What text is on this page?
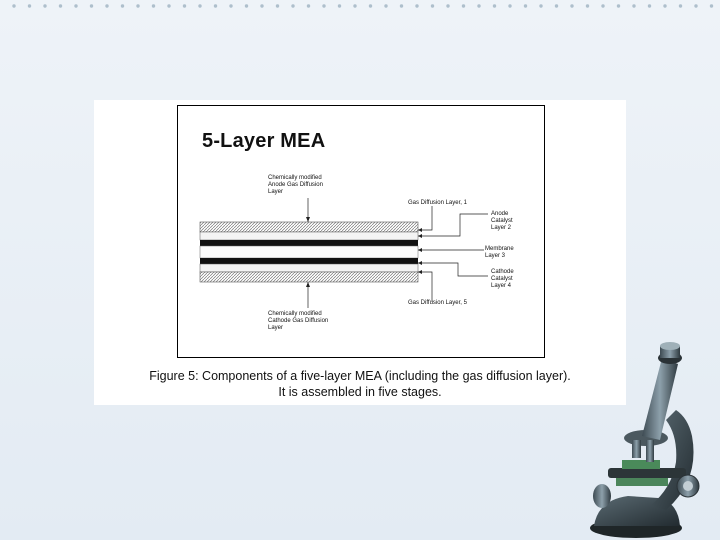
5-Layer MEA
Chemically modified
Anode Gas Diffusion
Layer
Gas Diffusion Layer, 1
Anode
Catalyst
Layer 2
Membrane
Layer 3
Cathode
Catalyst
Layer 4
Gas Diffusion Layer, 5
Chemically modified
Cathode Gas Diffusion
Layer
Figure 5: Components of a five-layer MEA (including the gas diffusion layer).
It is assembled in five stages.
